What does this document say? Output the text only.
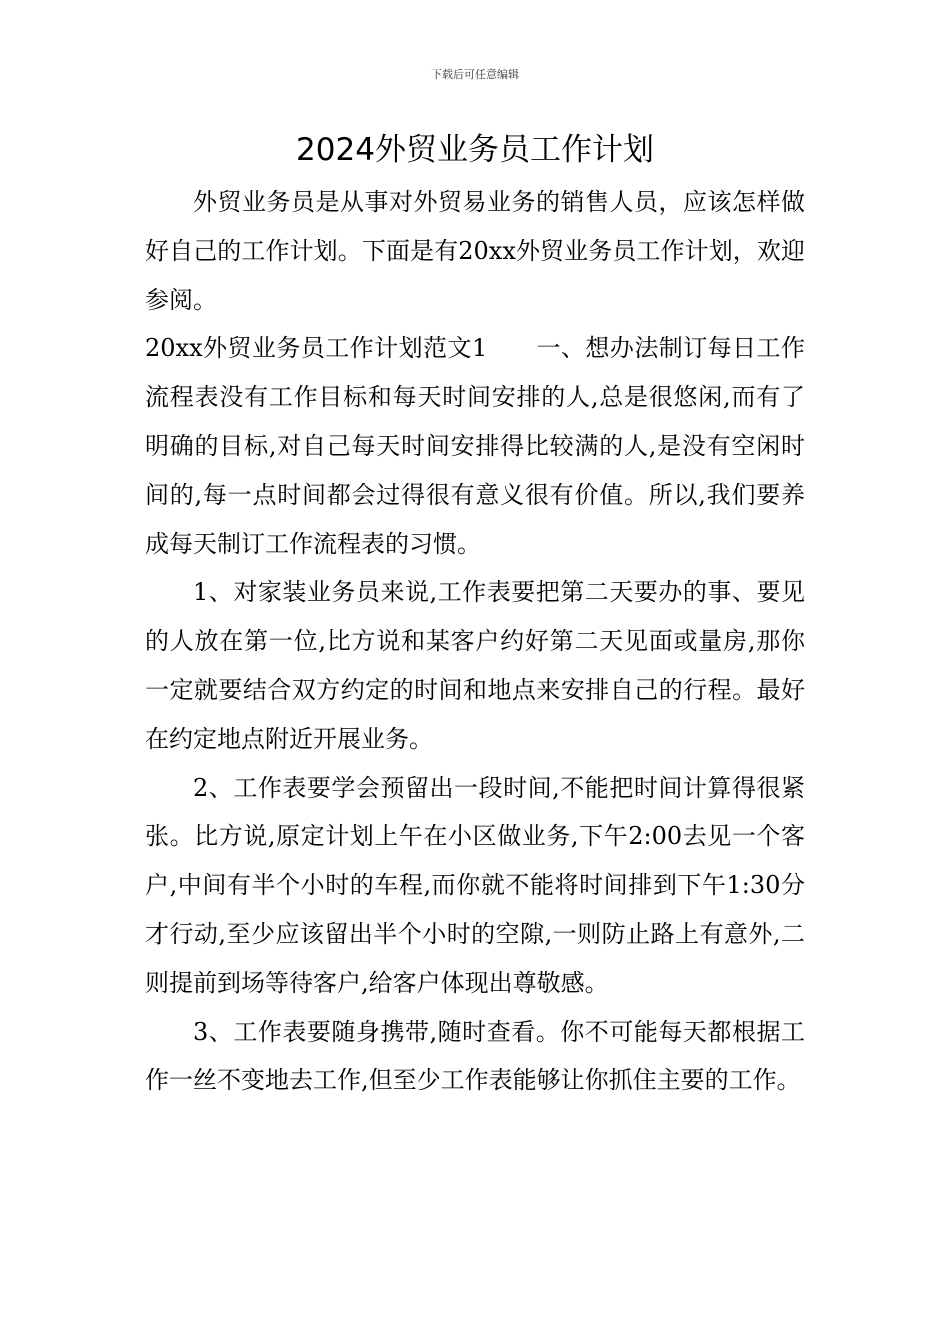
下载后可任意编辑
2024外贸业务员工作计划

外贸业务员是从事对外贸易业务的销售人员，应该怎样做好自己的工作计划。下面是有20xx外贸业务员工作计划，欢迎参阅。

20xx外贸业务员工作计划范文1　　一、想办法制订每日工作流程表没有工作目标和每天时间安排的人,总是很悠闲,而有了明确的目标,对自己每天时间安排得比较满的人,是没有空闲时间的,每一点时间都会过得很有意义很有价值。所以,我们要养成每天制订工作流程表的习惯。

1、对家装业务员来说,工作表要把第二天要办的事、要见的人放在第一位,比方说和某客户约好第二天见面或量房,那你一定就要结合双方约定的时间和地点来安排自己的行程。最好在约定地点附近开展业务。

2、工作表要学会预留出一段时间,不能把时间计算得很紧张。比方说,原定计划上午在小区做业务,下午2:00去见一个客户,中间有半个小时的车程,而你就不能将时间排到下午1:30分才行动,至少应该留出半个小时的空隙,一则防止路上有意外,二则提前到场等待客户,给客户体现出尊敬感。

3、工作表要随身携带,随时查看。你不可能每天都根据工作一丝不变地去工作,但至少工作表能够让你抓住主要的工作。
